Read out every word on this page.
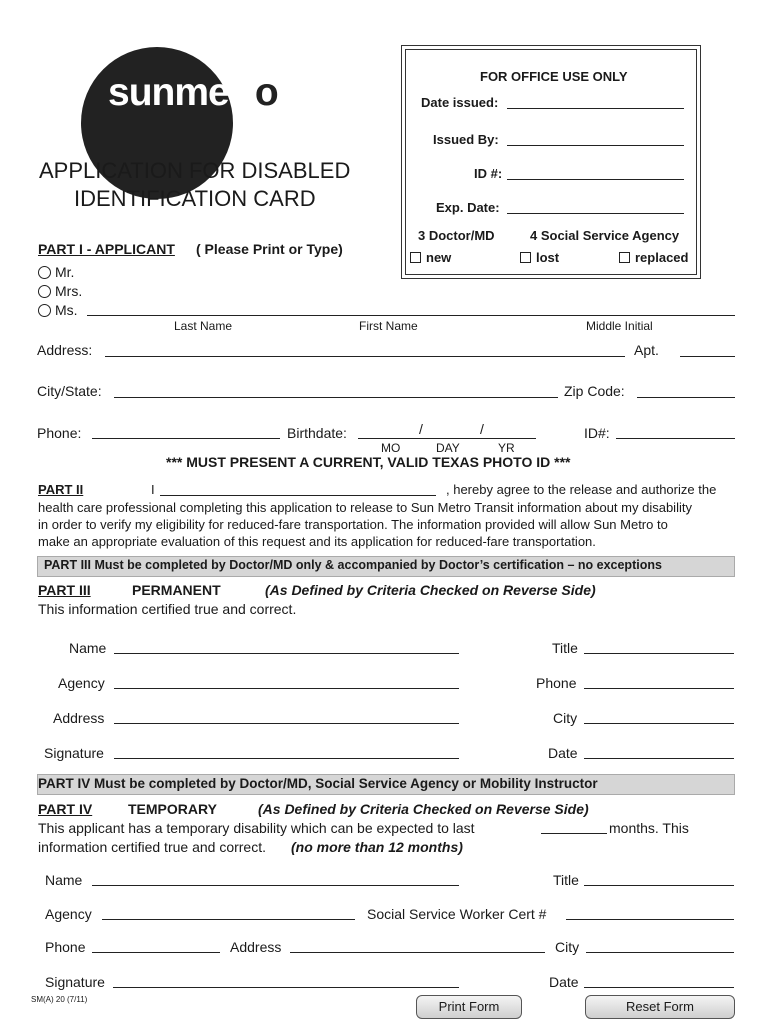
sunmetro
APPLICATION FOR DISABLED
IDENTIFICATION CARD
FOR OFFICE USE ONLY
Date issued:
Issued By:
ID #:
Exp. Date:
3 Doctor/MD	4 Social Service Agency
new	lost	replaced
PART I - APPLICANT ( Please Print or Type)
Mr.
Mrs.
Ms.
Last Name	First Name	Middle Initial
Address:	Apt.
City/State:	Zip Code:
Phone:	Birthdate:	/	/
MO	DAY	YR
ID#:
*** MUST PRESENT A CURRENT, VALID TEXAS PHOTO ID ***
PART II	I	, hereby agree to the release and authorize the

health care professional completing this application to release to Sun Metro Transit information about my disability

in order to verify my eligibility for reduced-fare transportation. The information provided will allow Sun Metro to

make an appropriate evaluation of this request and its application for reduced-fare transportation.

PART III Must be completed by Doctor/MD only & accompanied by Doctor’s certification – no exceptions
PART III	PERMANENT	(As Defined by Criteria Checked on Reverse Side)
This information certified true and correct.
Name	Title
Agency	Phone
Address	City
Signature	Date
PART IV Must be completed by Doctor/MD, Social Service Agency or Mobility Instructor
PART IV	TEMPORARY	(As Defined by Criteria Checked on Reverse Side)
This applicant has a temporary disability which can be expected to last	months. This
information certified true and correct. (no more than 12 months)
Name	Title
Agency	Social Service Worker Cert #
Phone	Address	City
Signature	Date
SM(A) 20 (7/11)	Print Form	Reset Form
